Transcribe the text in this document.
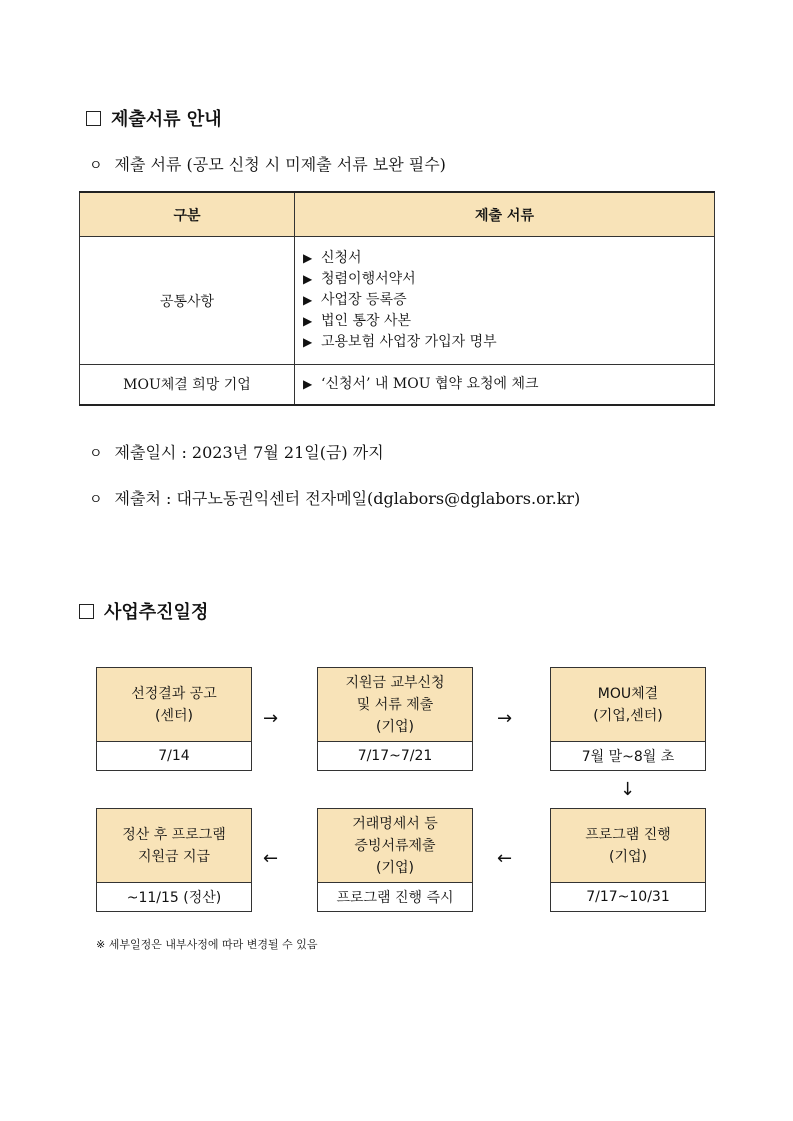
제출서류 안내
ㅇ 제출 서류 (공모 신청 시 미제출 서류 보완 필수)
구분	제출 서류
공통사항	▶ 신청서
▶ 청렴이행서약서
▶ 사업장 등록증
▶ 법인 통장 사본
▶ 고용보험 사업장 가입자 명부

MOU체결 희망 기업	▶ ‘신청서’ 내 MOU 협약 요청에 체크
ㅇ 제출일시 : 2023년 7월 21일(금) 까지
ㅇ 제출처 : 대구노동권익센터 전자메일(dglabors@dglabors.or.kr)
사업추진일정
선정결과 공고
(센터)
7/14
→
지원금 교부신청
및 서류 제출
(기업)
7/17~7/21
→
MOU체결
(기업,센터)
7월 말~8월 초
↓
정산 후 프로그램
지원금 지급
~11/15 (정산)
←
거래명세서 등
증빙서류제출
(기업)
프로그램 진행 즉시
←
프로그램 진행
(기업)
7/17~10/31
※ 세부일정은 내부사정에 따라 변경될 수 있음
